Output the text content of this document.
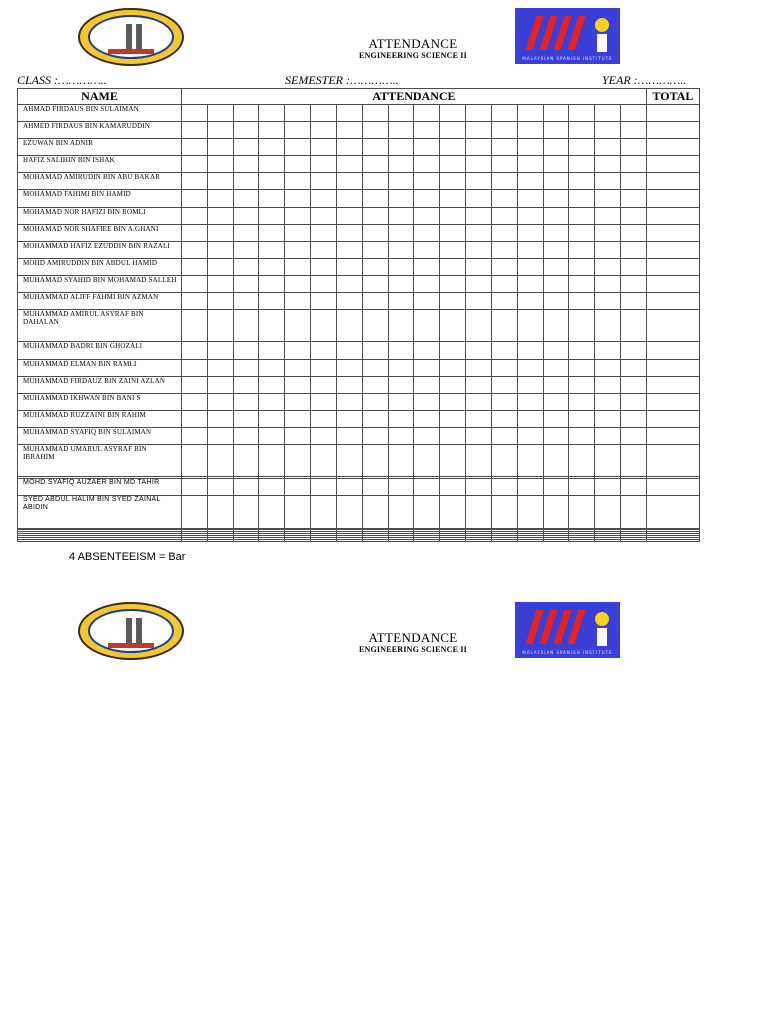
ATTENDANCE
ENGINEERING SCIENCE II	MALAYSIAN SPANISH INSTITUTE
CLASS :…………..	SEMESTER :…………..	YEAR :…………..
NAME	ATTENDANCE																		TOTAL
AHMAD FIRDAUS BIN SULAIMAN																			
AHMED FIRDAUS BIN KAMARUDDIN																			
EZUWAN BIN ADNIR																			
HAFIZ SALIHIN BIN ISHAK																			
MOHAMAD AMIRUDIN BIN ABU BAKAR																			
MOHAMAD FAHIMI BIN HAMID																			
MOHAMAD NOR HAFIZI BIN ROMLI																			
MOHAMAD NOR SHAFIEE BIN A.GHANI																			
MOHAMMAD HAFIZ EZUDDIN BIN RAZALI																			
MOHD AMIRUDDIN BIN ABDUL HAMID																			
MUHAMAD SYAHID BIN MOHAMAD SALLEH																			
MUHAMMAD ALIFF FAHMI BIN AZMAN																			
MUHAMMAD AMIRUL ASYRAF BIN DAHALAN																			
MUHAMMAD BADRI BIN GHOZALI																			
MUHAMMAD ELMAN BIN RAMLI																			
MUHAMMAD FIRDAUZ BIN ZAINI AZLAN																			
MUHAMMAD IKHWAN BIN BANI S																			
MUHAMMAD RUZZAINI BIN RAHIM																			
MUHAMMAD SYAFIQ BIN SULAIMAN																			
MUHAMMAD UMARUL ASYRAF BIN IBRAHIM																			

MOHD SYAFIQ AUZAER BIN MD TAHIR																			
SYED ABDUL HALIM BIN SYED ZAINAL ABIDIN																			

4 ABSENTEEISM = Bar
ATTENDANCE
ENGINEERING SCIENCE II	MALAYSIAN SPANISH INSTITUTE
